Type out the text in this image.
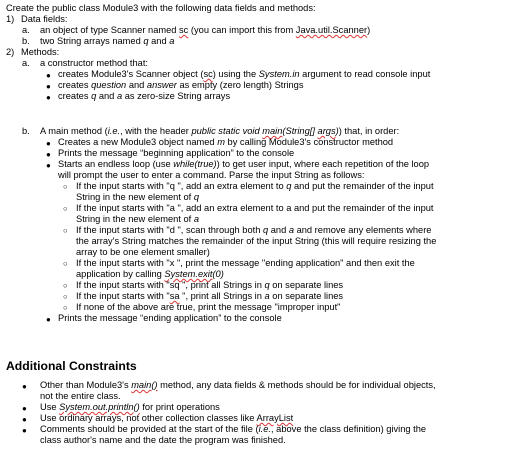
Create the public class Module3 with the following data fields and methods:
1) Data fields:
a. an object of type Scanner named sc (you can import this from Java.util.Scanner)
b. two String arrays named q and a
2) Methods:
a. a constructor method that:
● creates Module3's Scanner object (sc) using the System.in argument to read console input
● creates question and answer as empty (zero length) Strings
● creates q and a as zero-size String arrays
b. A main method (i.e., with the header public static void main(String[] args)) that, in order:
● Creates a new Module3 object named m by calling Module3's constructor method
● Prints the message “beginning application” to the console
● Starts an endless loop (use while(true)) to get user input, where each repetition of the loop
will prompt the user to enter a command. Parse the input String as follows:
○ If the input starts with "q ", add an extra element to q and put the remainder of the input
String in the new element of q
○ If the input starts with "a ", add an extra element to a and put the remainder of the input
String in the new element of a
○ If the input starts with "d ", scan through both q and a and remove any elements where
the array's String matches the remainder of the input String (this will require resizing the
array to be one element smaller)
○ If the input starts with "x ", print the message "ending application" and then exit the
application by calling System.exit(0)
○ If the input starts with "sq ", print all Strings in q on separate lines
○ If the input starts with "sa ", print all Strings in a on separate lines
○ If none of the above are true, print the message "improper input"
● Prints the message “ending application” to the console
Additional Constraints
● Other than Module3's main() method, any data fields & methods should be for individual objects,
not the entire class.
● Use System.out.println() for print operations
● Use ordinary arrays, not other collection classes like ArrayList
● Comments should be provided at the start of the file (i.e., above the class definition) giving the
class author's name and the date the program was finished.
